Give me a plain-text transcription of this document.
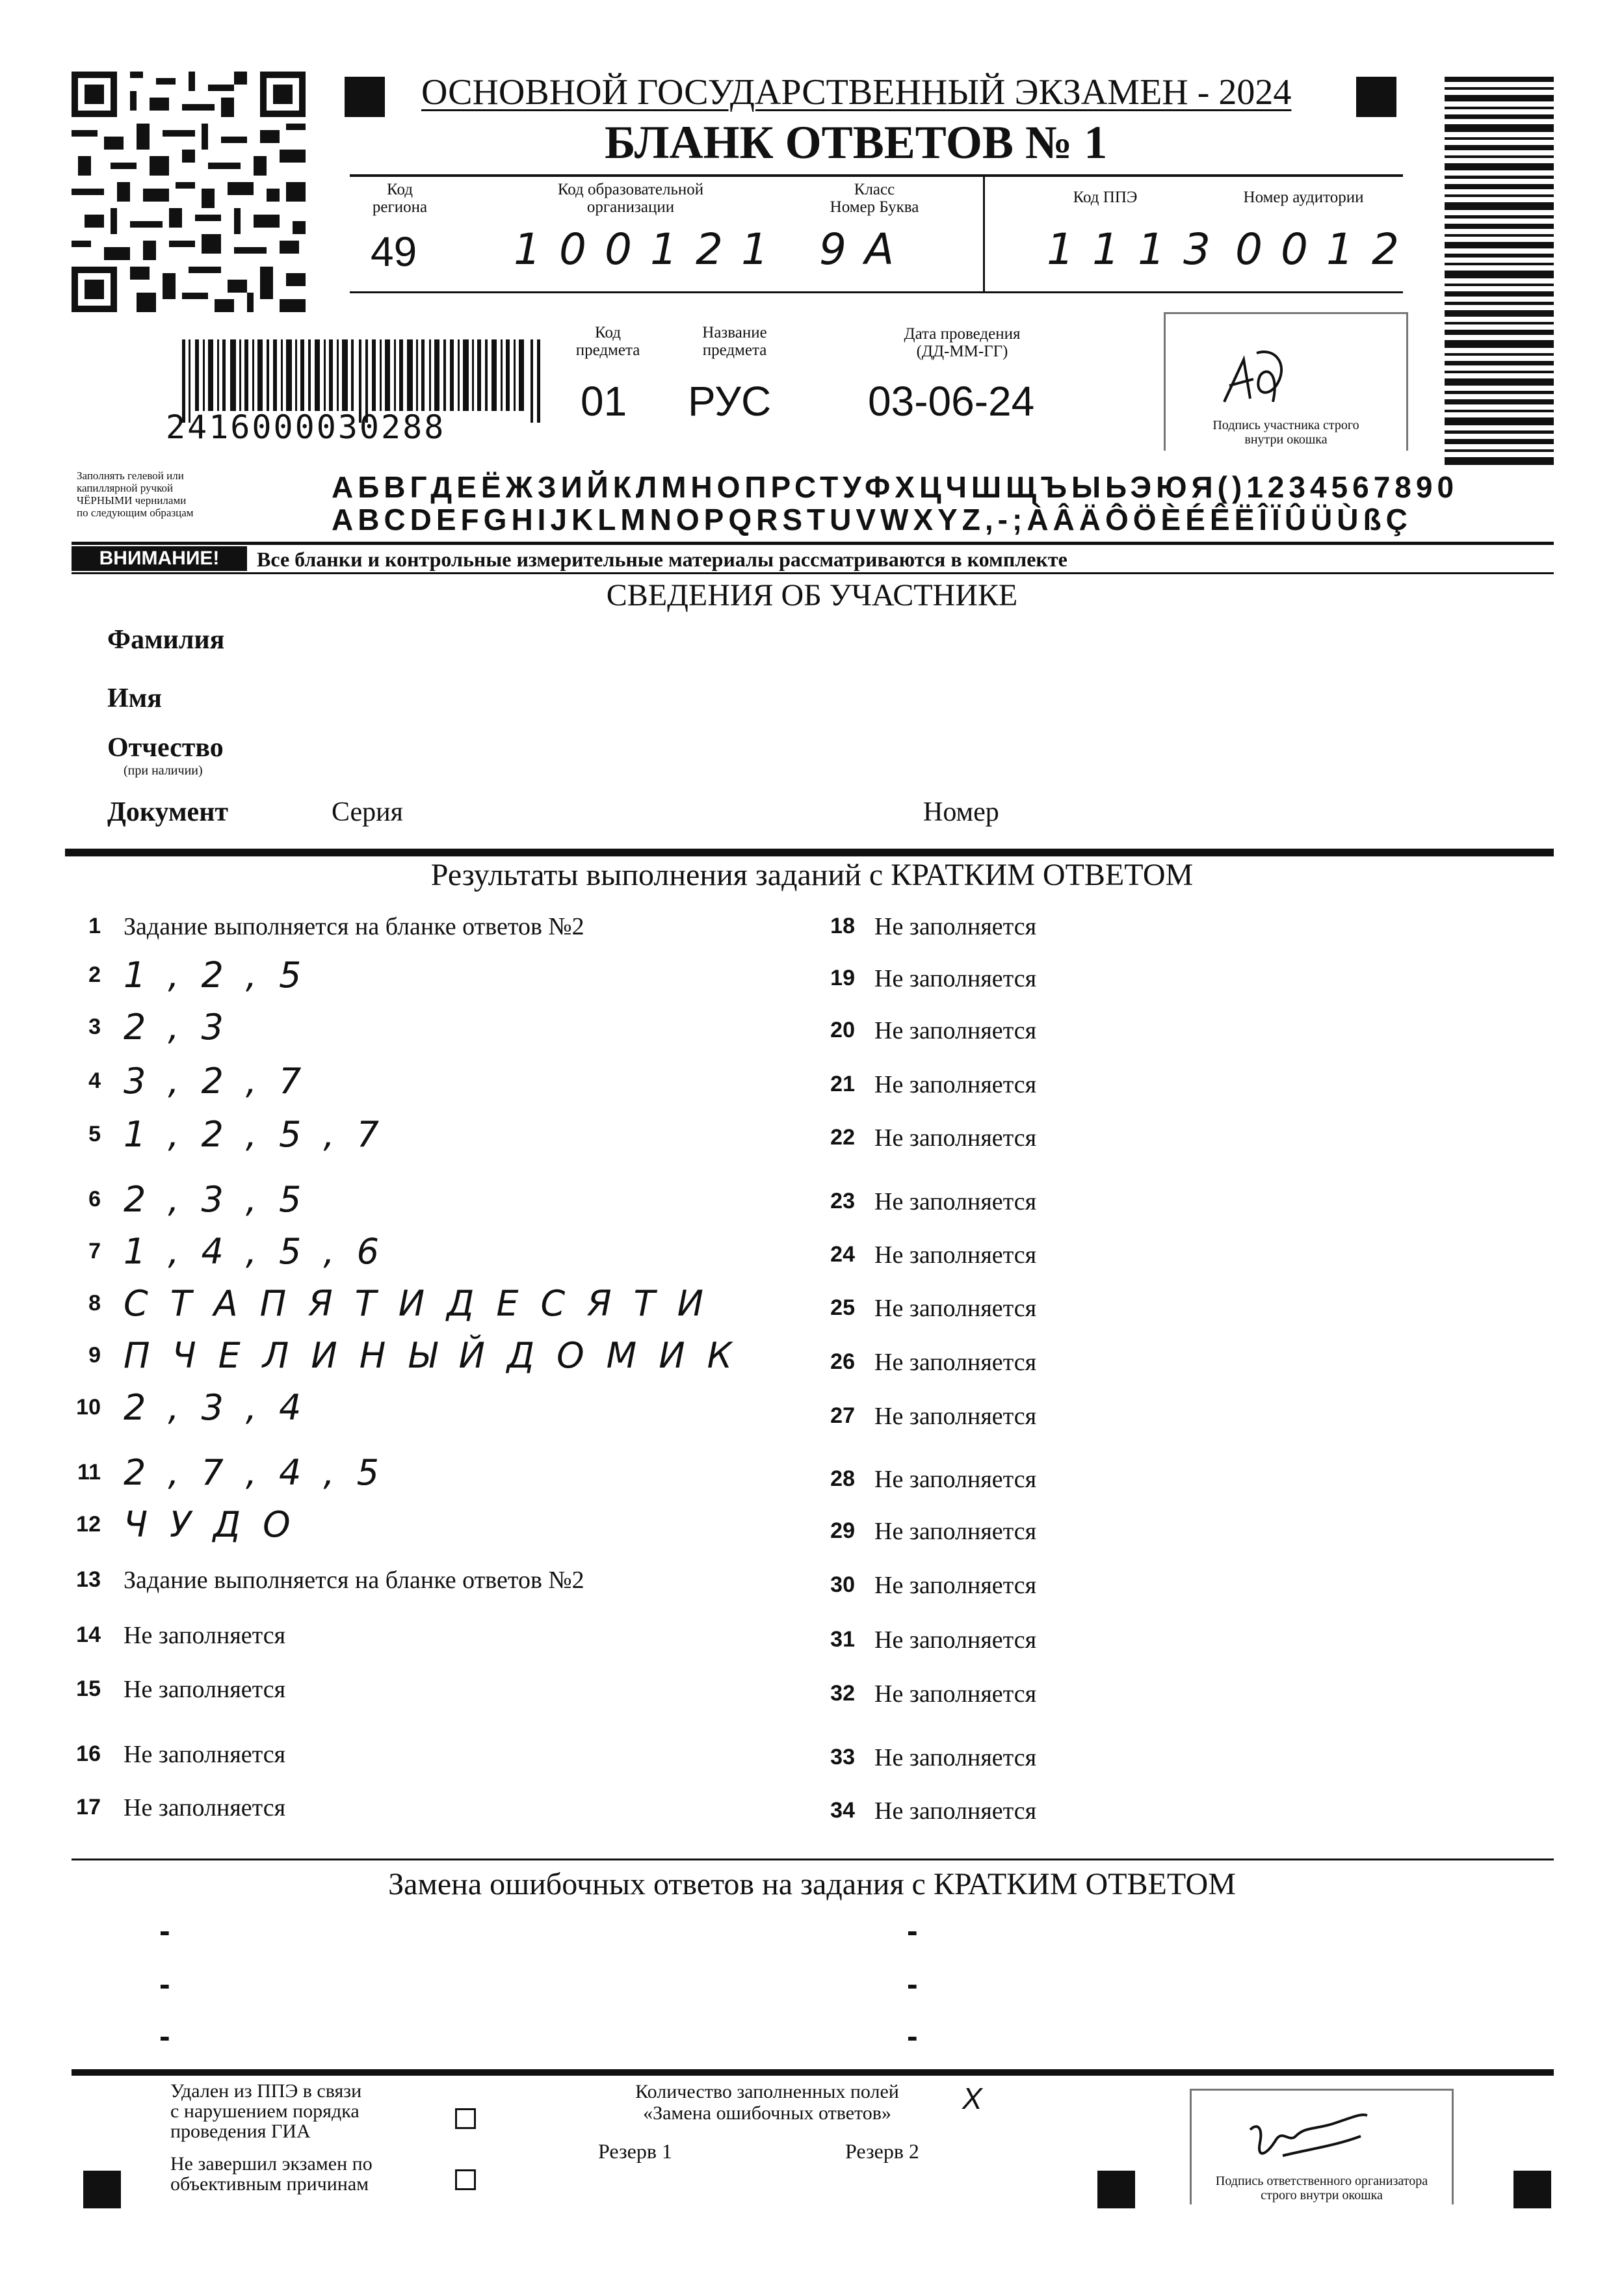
ОСНОВНОЙ ГОСУДАРСТВЕННЫЙ ЭКЗАМЕН - 2024
БЛАНК ОТВЕТОВ № 1
Код
региона
Код образовательной
организации
Класс
Номер Буква
Код ППЭ	Номер аудитории
49 100121 9А	1113 0012
2416000030288
Код
предмета
Название
предмета
Дата проведения
(ДД-ММ-ГГ)
01 РУС 03-06-24
Подпись участника строго
внутри окошка
Заполнять гелевой или
капиллярной ручкой
ЧЁРНЫМИ чернилами
по следующим образцам
АБВГДЕЁЖЗИЙКЛМНОПРСТУФХЦЧШЩЪЫЬЭЮЯ()1234567890
ABCDEFGHIJKLMNOPQRSTUVWXYZ,-;ÀÂÄÔÖÈÉÊËÎÏÛÜÙßÇ
ВНИМАНИЕ!	Все бланки и контрольные измерительные материалы рассматриваются в комплекте
СВЕДЕНИЯ ОБ УЧАСТНИКЕ
Фамилия
Имя
Отчество
(при наличии)
Документ	Серия	Номер
Результаты выполнения заданий с КРАТКИМ ОТВЕТОМ
1 Задание выполняется на бланке ответов №2
2 1,2,5
3 2,3
4 3,2,7
5 1,2,5,7
6 2,3,5
7 1,4,5,6
8 СТАПЯТИДЕСЯТИ
9 ПЧЕЛИНЫЙДОМИК
10 2,3,4
11 2,7,4,5
12 ЧУДО
13 Задание выполняется на бланке ответов №2
14 Не заполняется
15 Не заполняется
16 Не заполняется
17 Не заполняется
18 Не заполняется
19 Не заполняется
20 Не заполняется
21 Не заполняется
22 Не заполняется
23 Не заполняется
24 Не заполняется
25 Не заполняется
26 Не заполняется
27 Не заполняется
28 Не заполняется
29 Не заполняется
30 Не заполняется
31 Не заполняется
32 Не заполняется
33 Не заполняется
34 Не заполняется
Замена ошибочных ответов на задания с КРАТКИМ ОТВЕТОМ
-
-
-
-
-
-
Удален из ППЭ в связи
с нарушением порядка
проведения ГИА
Не завершил экзамен по
объективным причинам
Количество заполненных полей
«Замена ошибочных ответов»	X
Резерв 1	Резерв 2
Подпись ответственного организатора
строго внутри окошка
